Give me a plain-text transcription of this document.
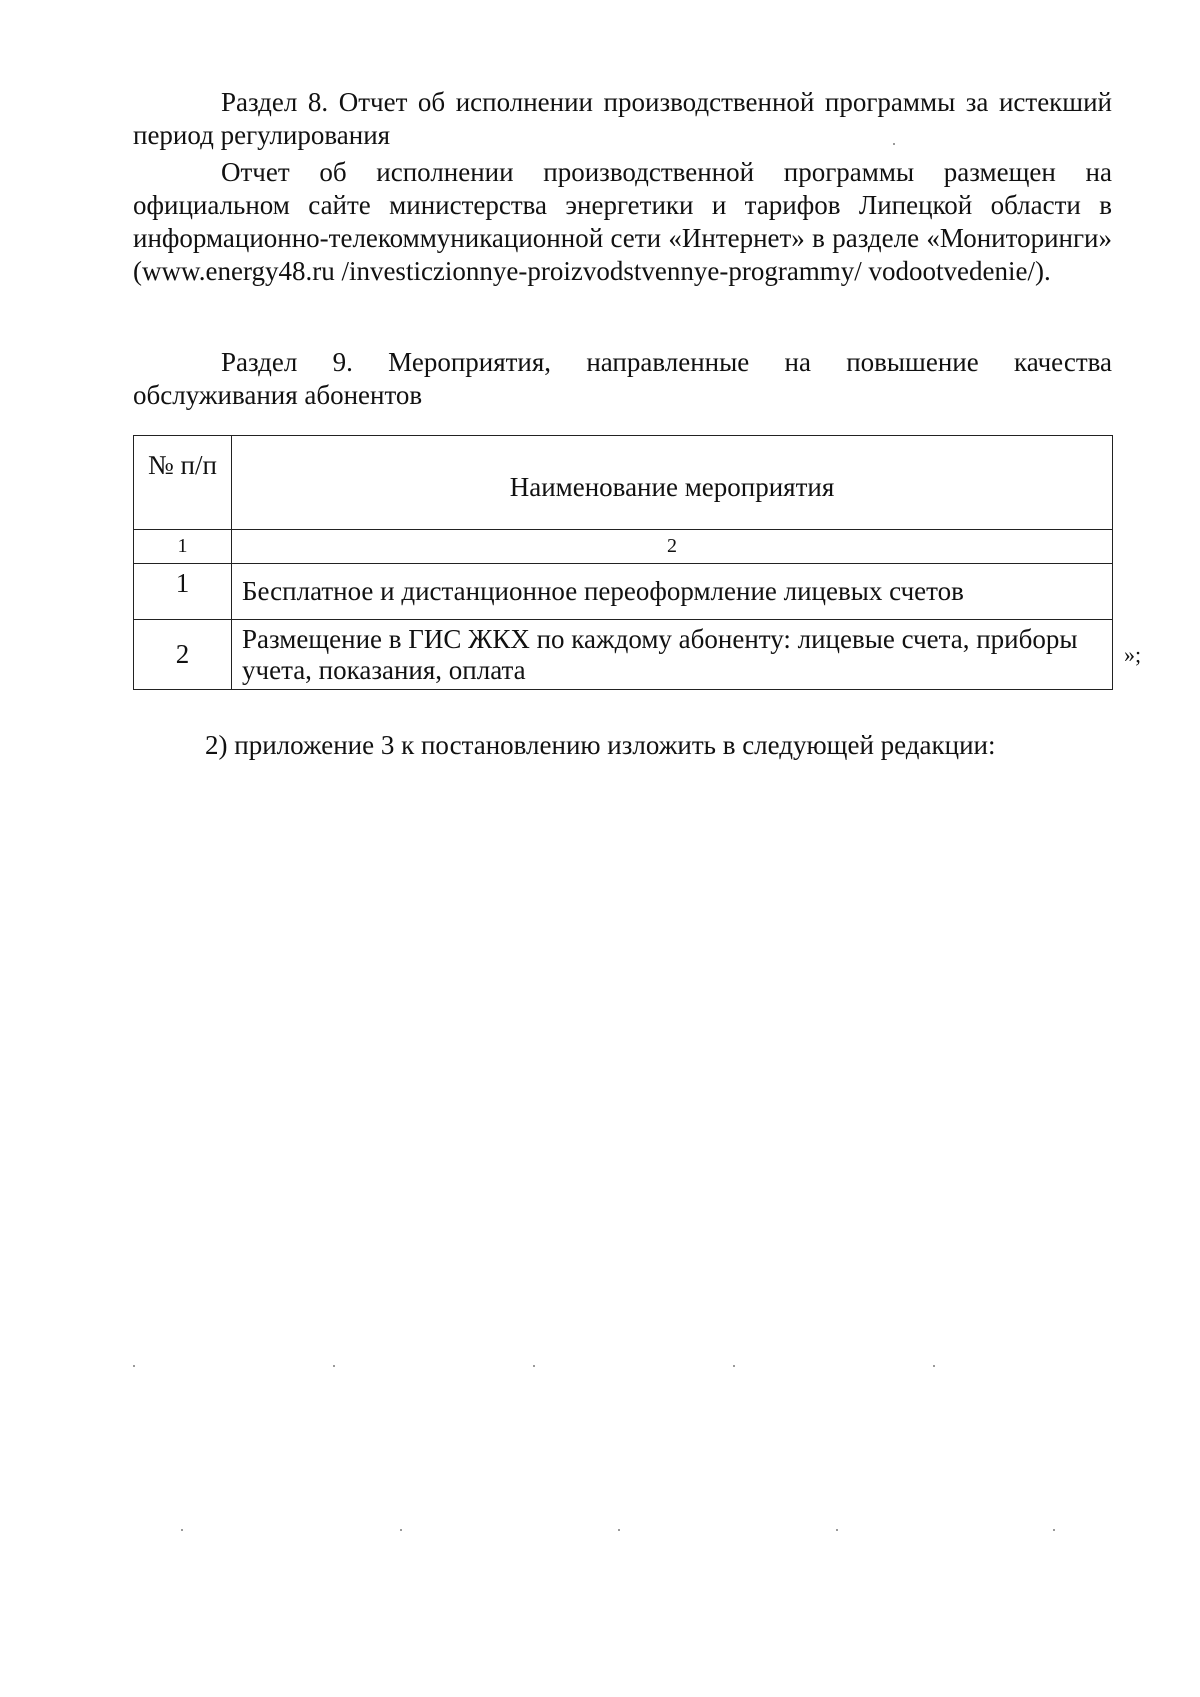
Раздел 8. Отчет об исполнении производственной программы за истекший период регулирования
Отчет об исполнении производственной программы размещен на официальном сайте министерства энергетики и тарифов Липецкой области в информационно-телекоммуникационной сети «Интернет» в разделе «Мониторинги» (www.energy48.ru /investiczionnye-proizvodstvennye-programmy/ vodootvedenie/).
Раздел 9. Мероприятия, направленные на повышение качества обслуживания абонентов
№ п/п	Наименование мероприятия
1	2
1	Бесплатное и дистанционное переоформление лицевых счетов
2	Размещение в ГИС ЖКХ по каждому абоненту: лицевые счета, приборы учета, показания, оплата	»;
2) приложение 3 к постановлению изложить в следующей редакции:
